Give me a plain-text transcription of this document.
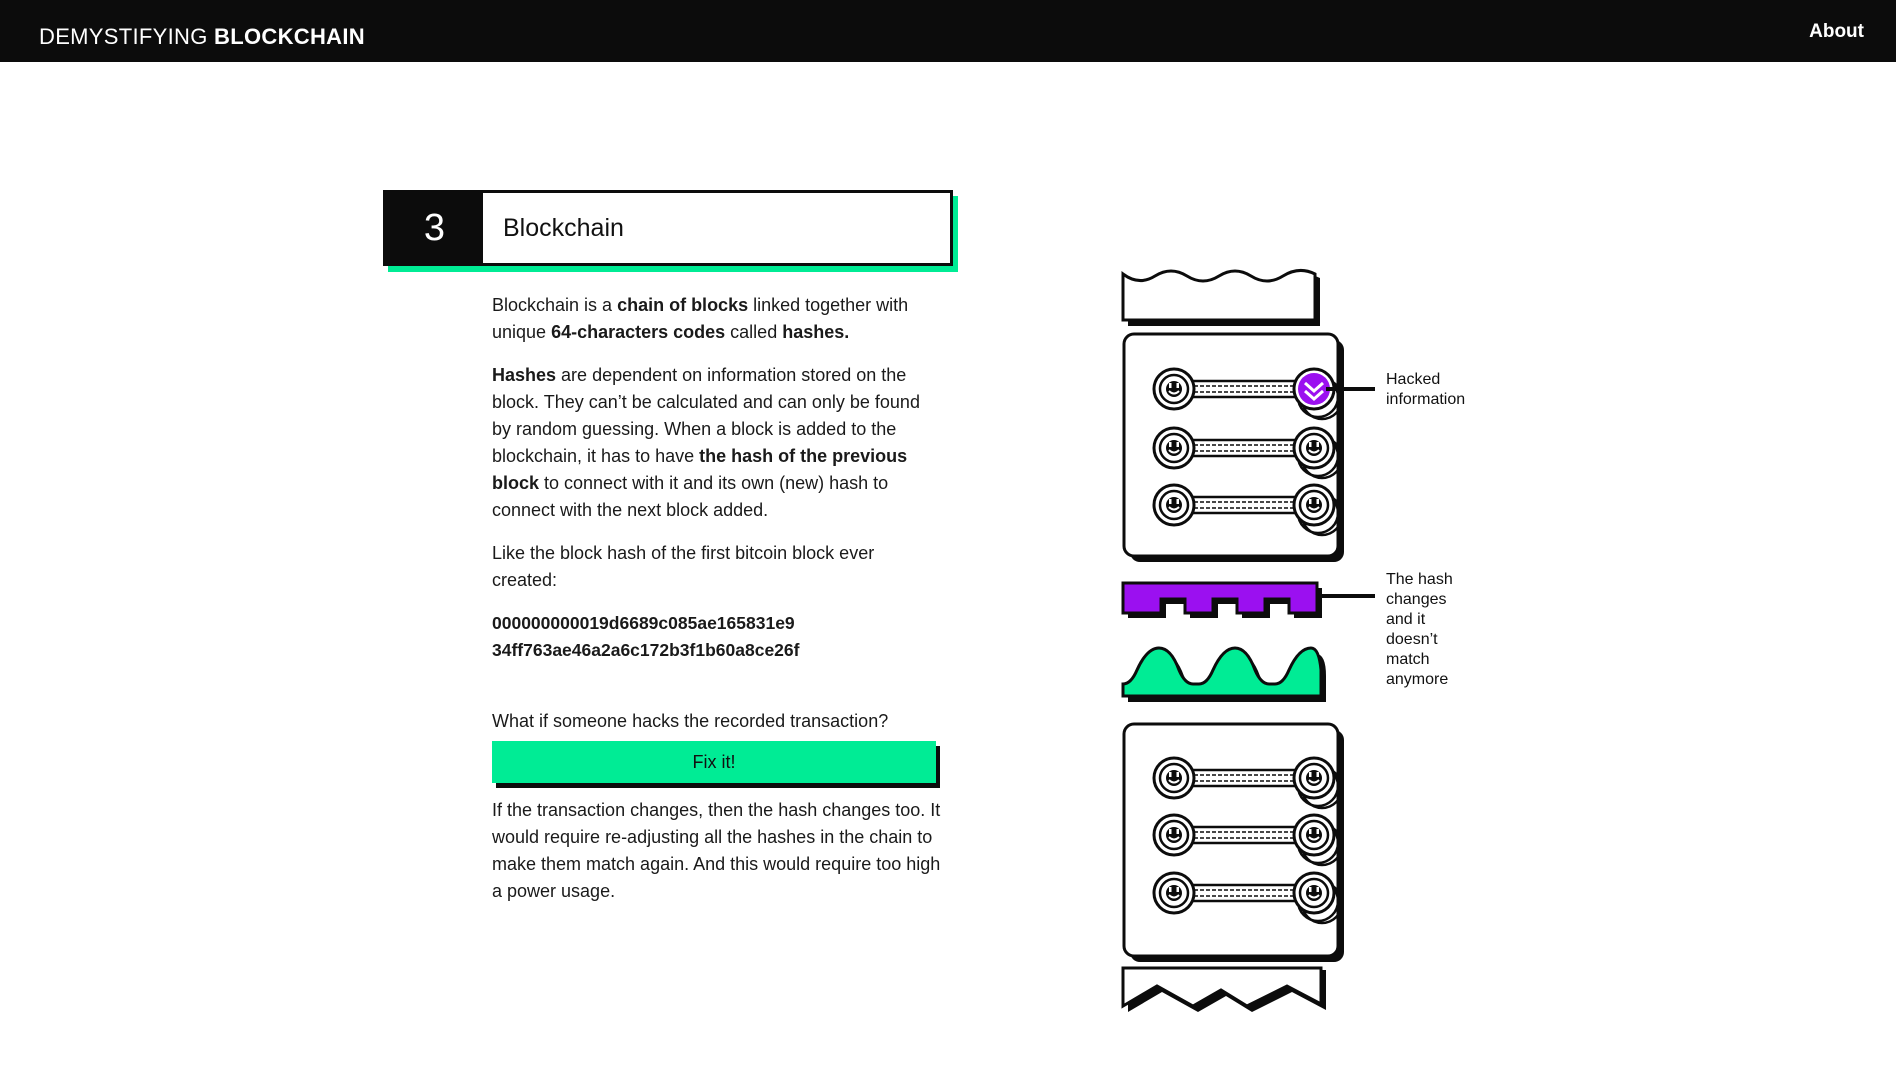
DEMYSTIFYING BLOCKCHAIN	About
3	Blockchain

Blockchain is a chain of blocks linked together with unique 64-characters codes called hashes.

Hashes are dependent on information stored on the block. They can’t be calculated and can only be found by random guessing. When a block is added to the blockchain, it has to have the hash of the previous block to connect with it and its own (new) hash to connect with the next block added.

Like the block hash of the first bitcoin block ever created:

000000000019d6689c085ae165831e9
34ff763ae46a2a6c172b3f1b60a8ce26f

What if someone hacks the recorded transaction?

Fix it!

If the transaction changes, then the hash changes too. It would require re-adjusting all the hashes in the chain to make them match again. And this would require too high a power usage.

Hacked
information
The hash
changes
and it
doesn’t
match
anymore
